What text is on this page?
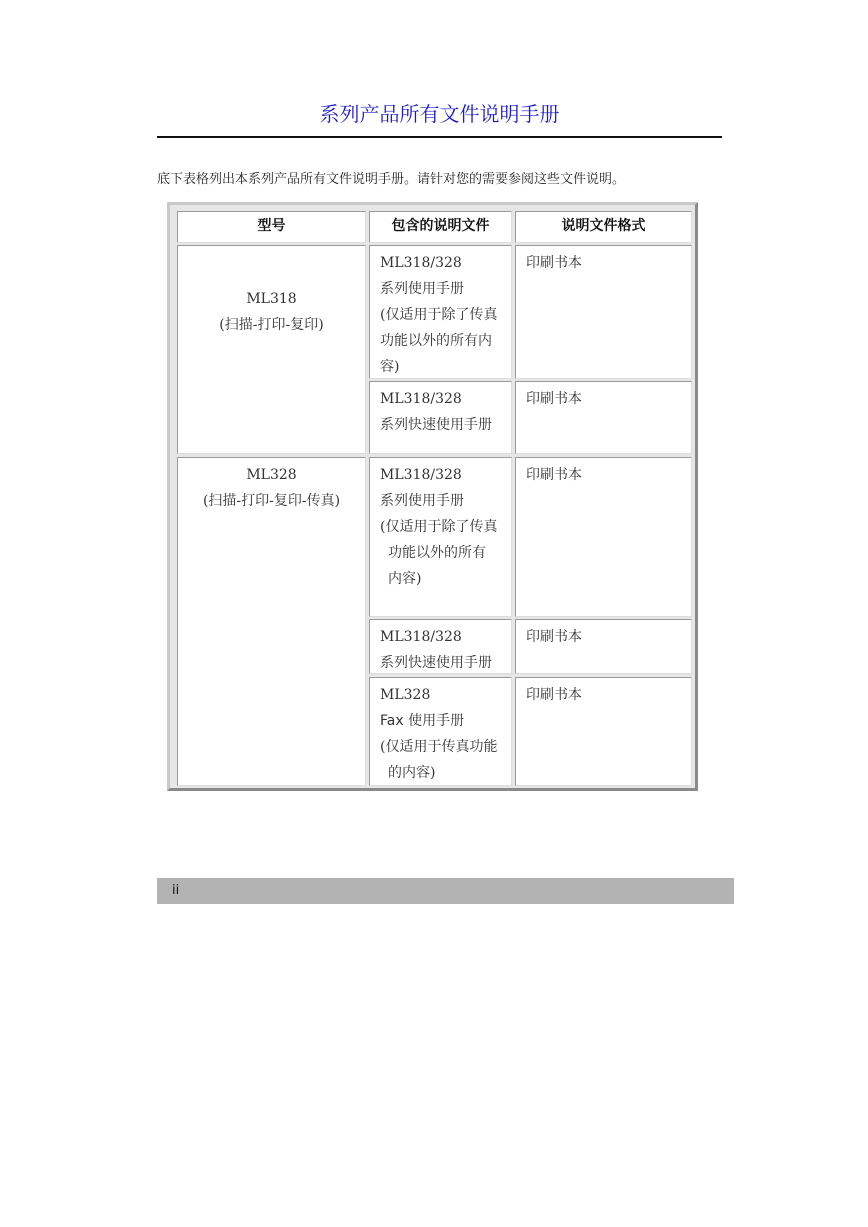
系列产品所有文件说明手册
底下表格列出本系列产品所有文件说明手册。请针对您的需要参阅这些文件说明。
型号	包含的说明文件	说明文件格式
ML318
(扫描-打印-复印)
ML318/328
系列使用手册
(仅适用于除了传真
功能以外的所有内
容)
印刷书本
ML318/328
系列快速使用手册
印刷书本
ML328
(扫描-打印-复印-传真)
ML318/328
系列使用手册
(仅适用于除了传真
功能以外的所有
内容)
印刷书本
ML318/328
系列快速使用手册
印刷书本
ML328
Fax 使用手册
(仅适用于传真功能
的内容)
印刷书本
ii
